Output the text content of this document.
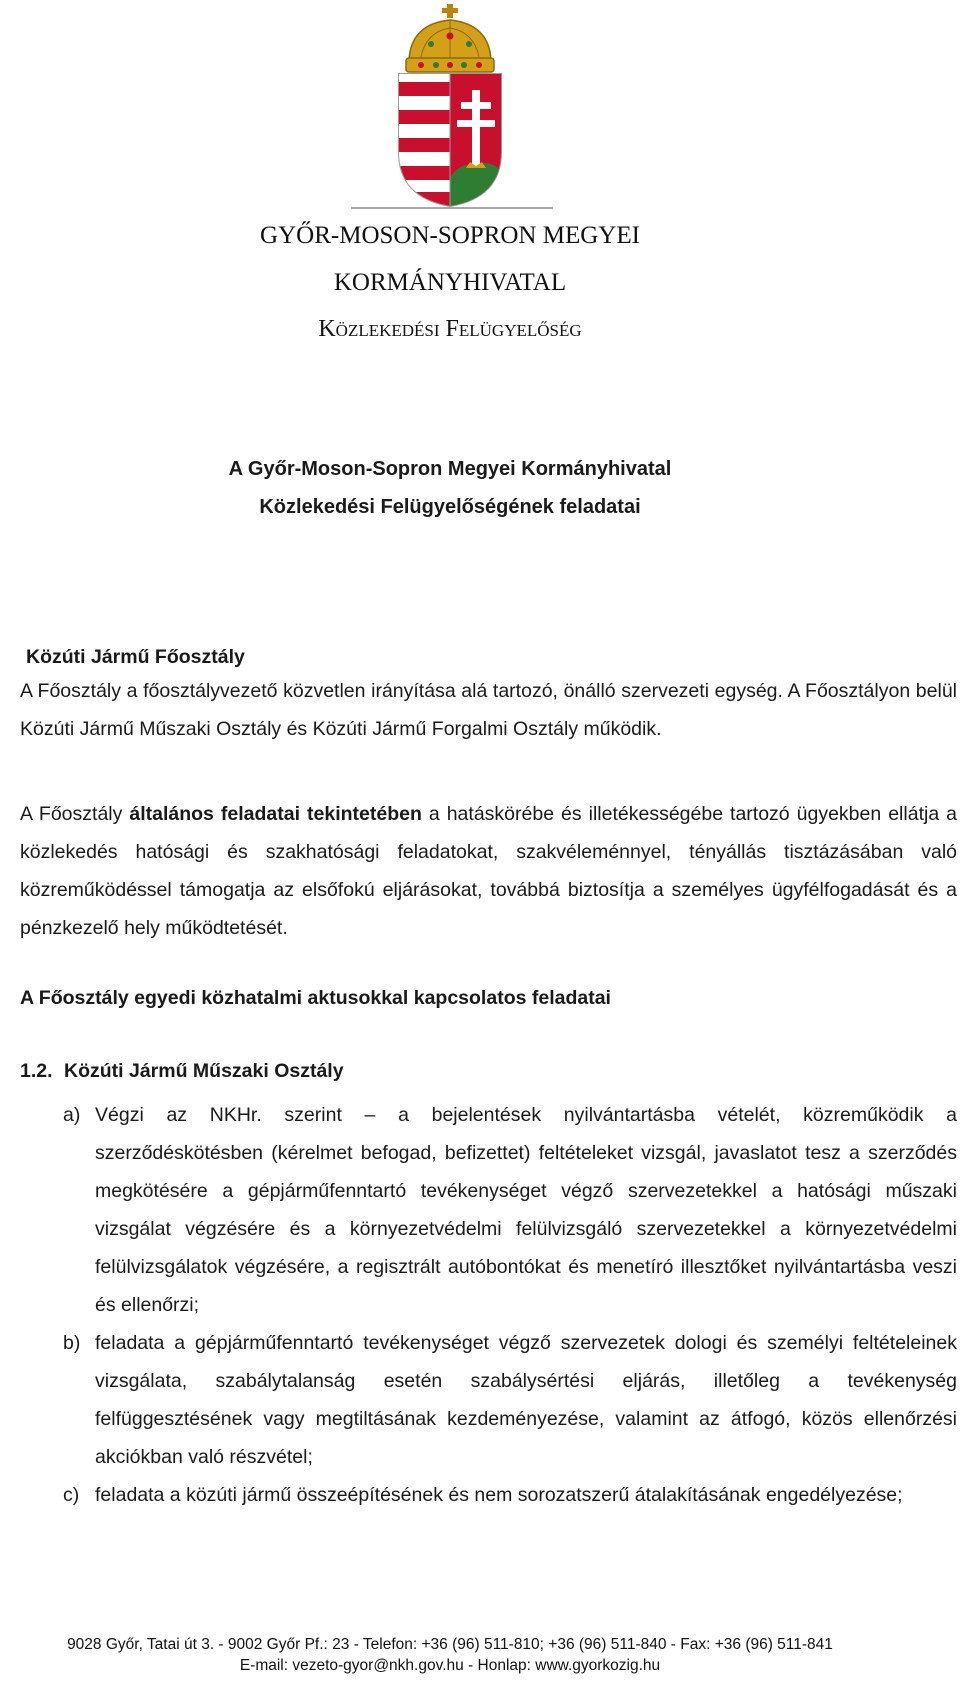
GYŐR-MOSON-SOPRON MEGYEI
KORMÁNYHIVATAL
Közlekedési Felügyelőség
A Győr-Moson-Sopron Megyei Kormányhivatal
Közlekedési Felügyelőségének feladatai
Közúti Jármű Főosztály

A Főosztály a főosztályvezető közvetlen irányítása alá tartozó, önálló szervezeti egység. A Főosztályon belül Közúti Jármű Műszaki Osztály és Közúti Jármű Forgalmi Osztály működik.

A Főosztály általános feladatai tekintetében a hatáskörébe és illetékességébe tartozó ügyekben ellátja a közlekedés hatósági és szakhatósági feladatokat, szakvéleménnyel, tényállás tisztázásában való közreműködéssel támogatja az elsőfokú eljárásokat, továbbá biztosítja a személyes ügyfélfogadását és a pénzkezelő hely működtetését.

A Főosztály egyedi közhatalmi aktusokkal kapcsolatos feladatai
1.2. Közúti Jármű Műszaki Osztály
a) Végzi az NKHr. szerint – a bejelentések nyilvántartásba vételét, közreműködik a szerződéskötésben (kérelmet befogad, befizettet) feltételeket vizsgál, javaslatot tesz a szerződés megkötésére a gépjárműfenntartó tevékenységet végző szervezetekkel a hatósági műszaki vizsgálat végzésére és a környezetvédelmi felülvizsgáló szervezetekkel a környezetvédelmi felülvizsgálatok végzésére, a regisztrált autóbontókat és menetíró illesztőket nyilvántartásba veszi és ellenőrzi;
b) feladata a gépjárműfenntartó tevékenységet végző szervezetek dologi és személyi feltételeinek vizsgálata, szabálytalanság esetén szabálysértési eljárás, illetőleg a tevékenység felfüggesztésének vagy megtiltásának kezdeményezése, valamint az átfogó, közös ellenőrzési akciókban való részvétel;
c) feladata a közúti jármű összeépítésének és nem sorozatszerű átalakításának engedélyezése;
9028 Győr, Tatai út 3. - 9002 Győr Pf.: 23 - Telefon: +36 (96) 511-810; +36 (96) 511-840 - Fax: +36 (96) 511-841
E-mail: vezeto-gyor@nkh.gov.hu - Honlap: www.gyorkozig.hu
